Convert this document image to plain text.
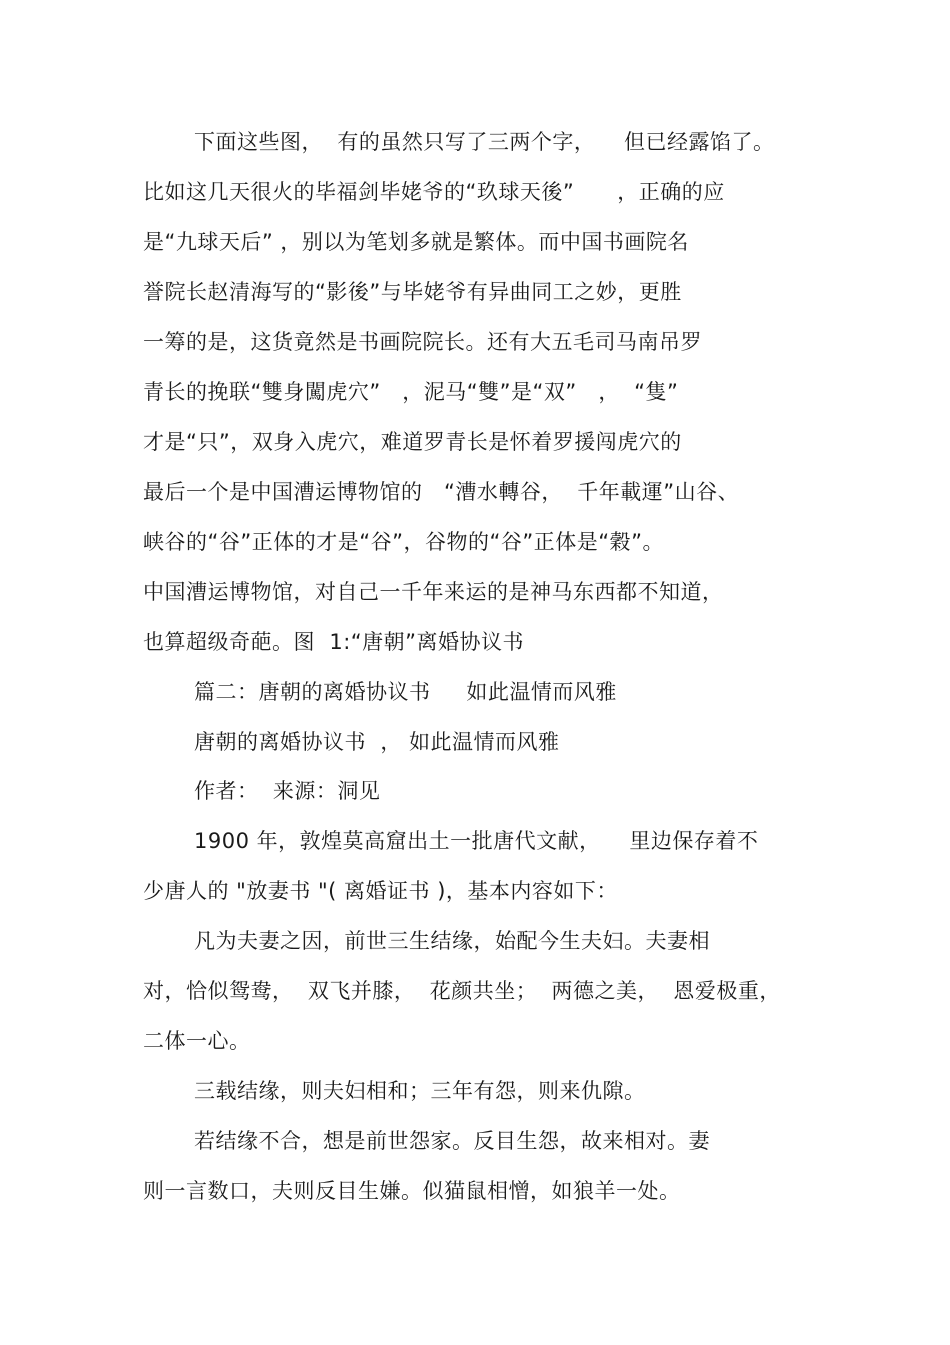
下面这些图，  有的虽然只写了三两个字，    但已经露馅了。
比如这几天很火的毕福剑毕姥爷的“玖球天後”      ，正确的应
是“九球天后” ，别以为笔划多就是繁体。而中国书画院名
誉院长赵清海写的“影後”与毕姥爷有异曲同工之妙，更胜
一筹的是，这货竟然是书画院院长。还有大五毛司马南吊罗
青长的挽联“雙身闖虎穴”   ，泥马“雙”是“双”   ，  “隻”
才是“只”，双身入虎穴，难道罗青长是怀着罗援闯虎穴的
最后一个是中国漕运博物馆的   “漕水轉谷，  千年載運”山谷、
峡谷的“谷”正体的才是“谷”，谷物的“谷”正体是“穀”。
中国漕运博物馆，对自己一千年来运的是神马东西都不知道，
也算超级奇葩。图  1:“唐朝”离婚协议书
篇二：唐朝的离婚协议书     如此温情而风雅
唐朝的离婚协议书  ， 如此温情而风雅
作者：  来源：洞见
1900 年，敦煌莫高窟出土一批唐代文献，    里边保存着不
少唐人的 "放妻书 "( 离婚证书 )，基本内容如下：
凡为夫妻之因，前世三生结缘，始配今生夫妇。夫妻相
对，恰似鸳鸯，  双飞并膝，  花颜共坐；  两德之美，  恩爱极重，
二体一心。
三载结缘，则夫妇相和；三年有怨，则来仇隙。
若结缘不合，想是前世怨家。反目生怨，故来相对。妻
则一言数口，夫则反目生嫌。似猫鼠相憎，如狼羊一处。
